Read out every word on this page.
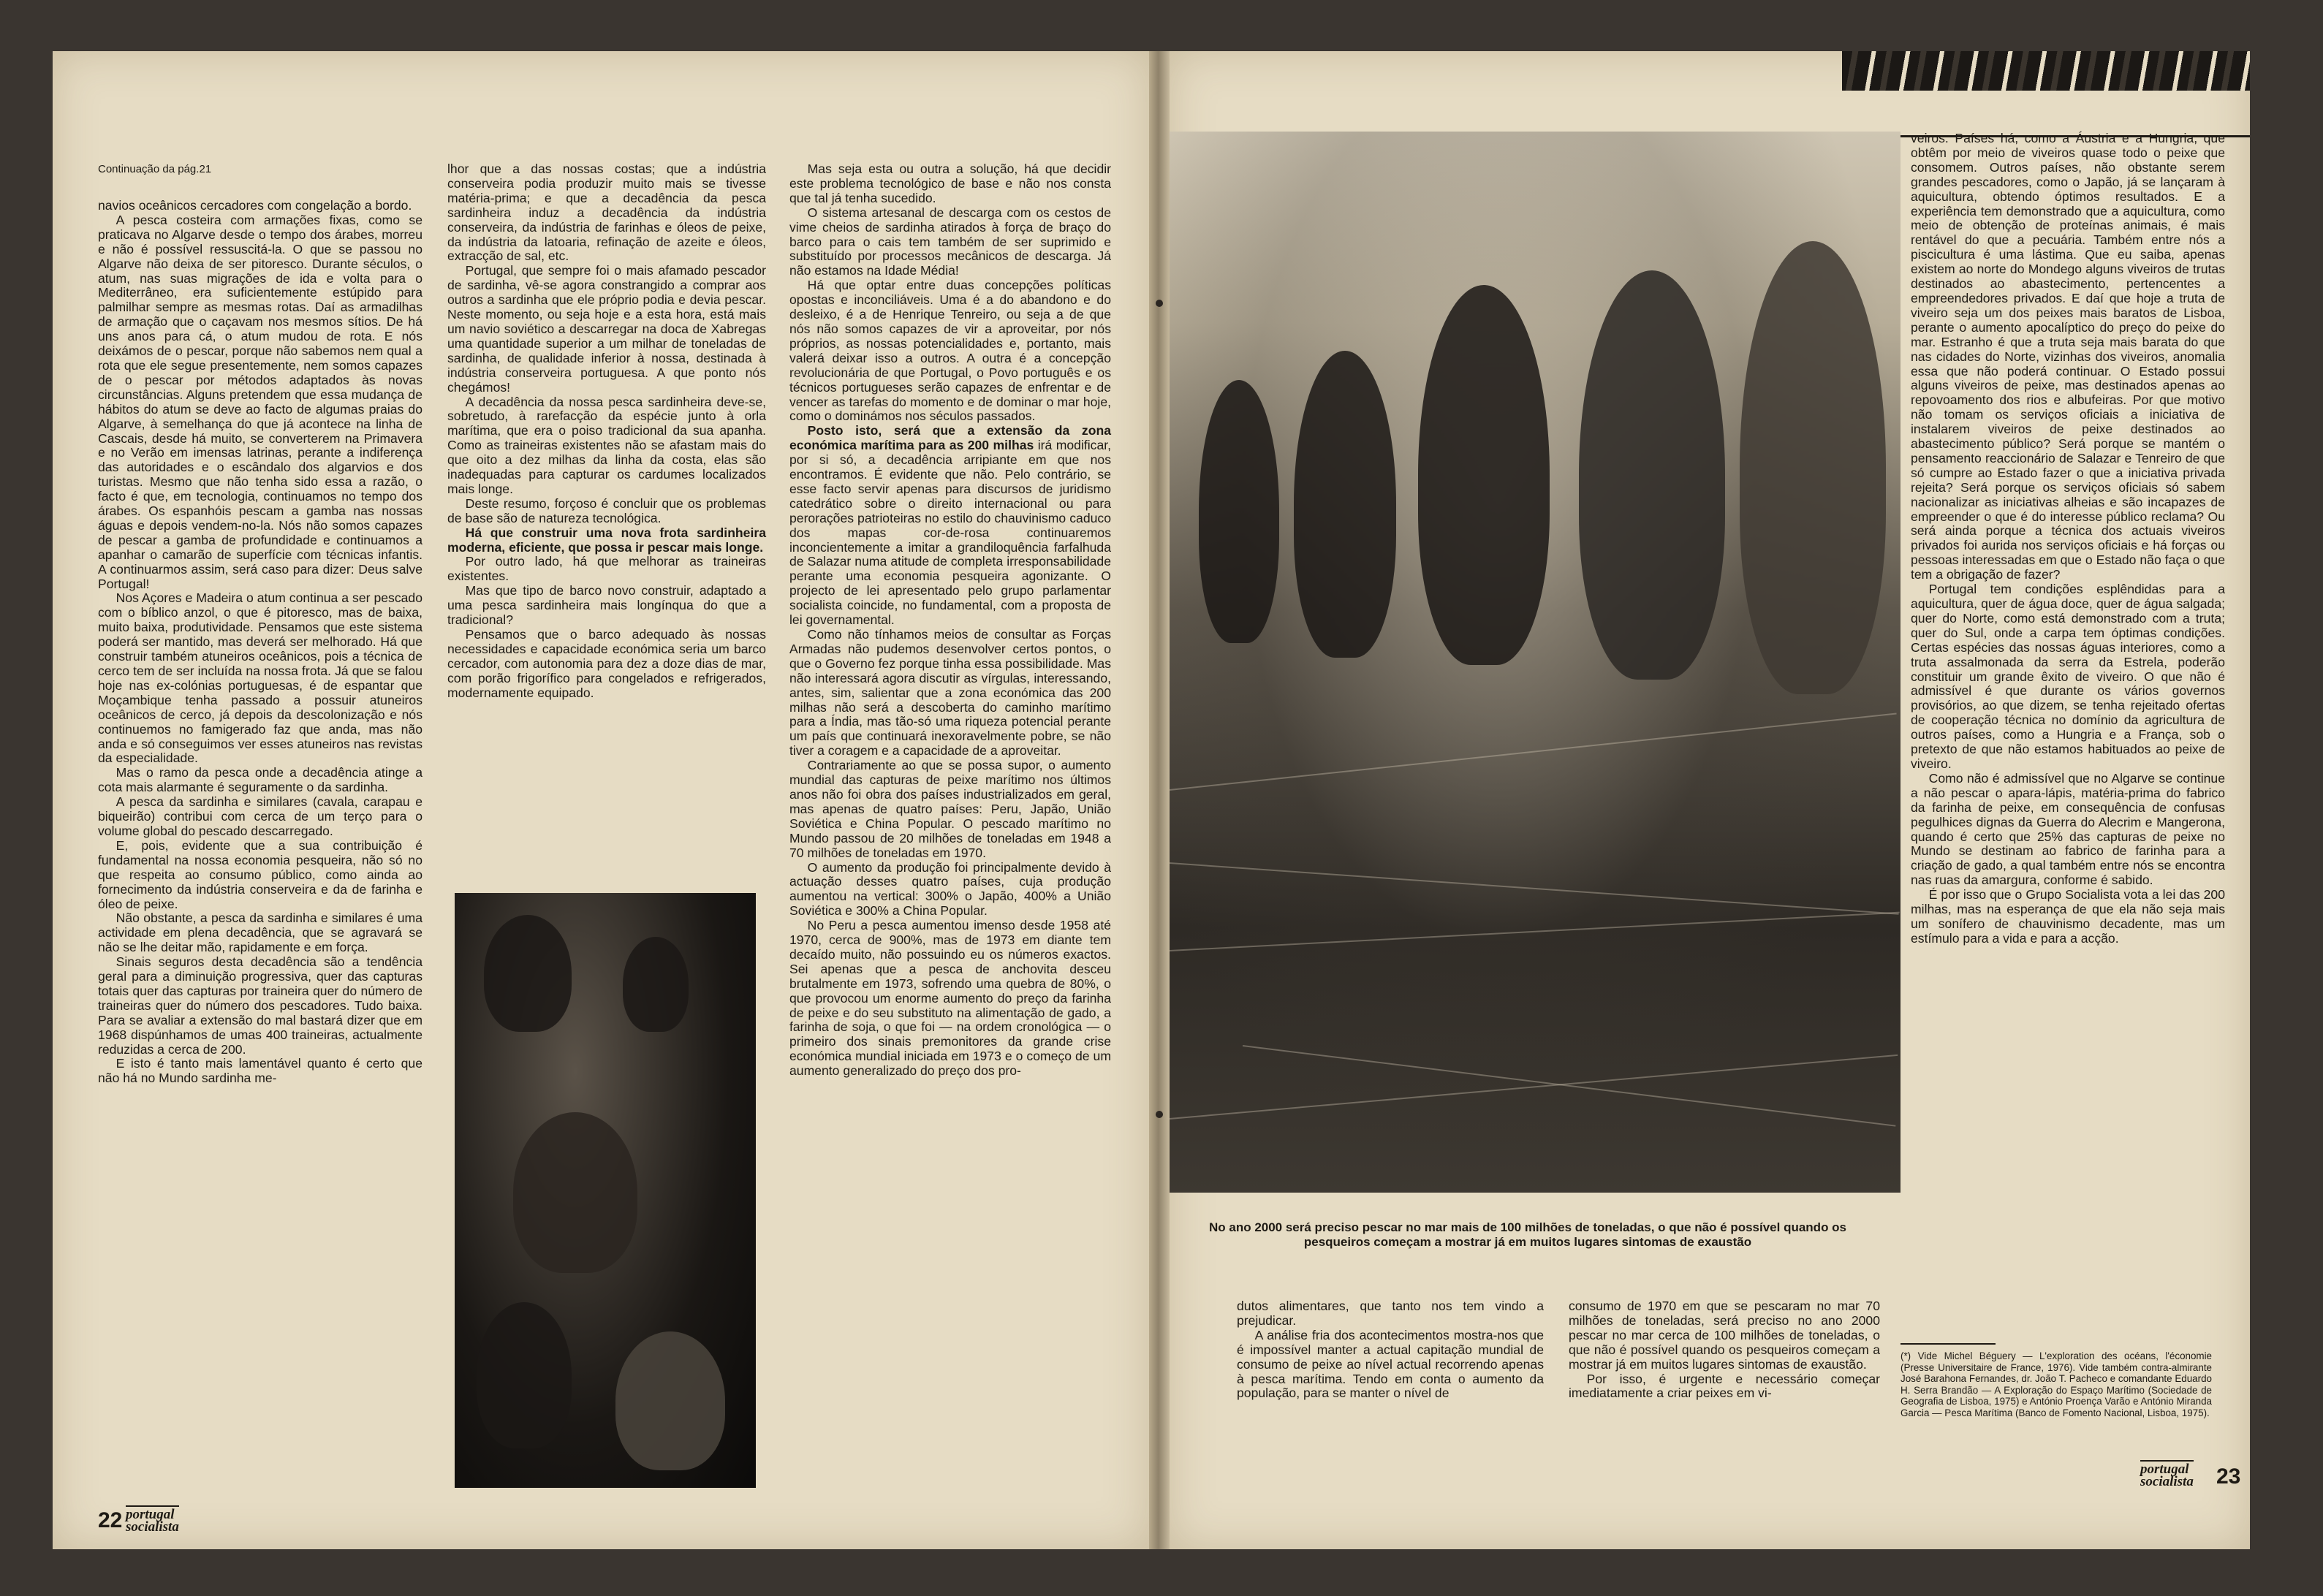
Continuação da pág.21

navios oceânicos cercadores com congelação a bordo.

A pesca costeira com armações fixas, como se praticava no Algarve desde o tempo dos árabes, morreu e não é possível ressuscitá-la. O que se passou no Algarve não deixa de ser pitoresco. Durante séculos, o atum, nas suas migrações de ida e volta para o Mediterrâneo, era suficientemente estúpido para palmilhar sempre as mesmas rotas. Daí as armadilhas de armação que o caçavam nos mesmos sítios. De há uns anos para cá, o atum mudou de rota. E nós deixámos de o pescar, porque não sabemos nem qual a rota que ele segue presentemente, nem somos capazes de o pescar por métodos adaptados às novas circunstâncias. Alguns pretendem que essa mudança de hábitos do atum se deve ao facto de algumas praias do Algarve, à semelhança do que já acontece na linha de Cascais, desde há muito, se converterem na Primavera e no Verão em imensas latrinas, perante a indiferença das autoridades e o escândalo dos algarvios e dos turistas. Mesmo que não tenha sido essa a razão, o facto é que, em tecnologia, continuamos no tempo dos árabes. Os espanhóis pescam a gamba nas nossas águas e depois vendem-no-la. Nós não somos capazes de pescar a gamba de profundidade e continuamos a apanhar o camarão de superfície com técnicas infantis. A continuarmos assim, será caso para dizer: Deus salve Portugal!

Nos Açores e Madeira o atum continua a ser pescado com o bíblico anzol, o que é pitoresco, mas de baixa, muito baixa, produtividade. Pensamos que este sistema poderá ser mantido, mas deverá ser melhorado. Há que construir também atuneiros oceânicos, pois a técnica de cerco tem de ser incluída na nossa frota. Já que se falou hoje nas ex-colónias portuguesas, é de espantar que Moçambique tenha passado a possuir atuneiros oceânicos de cerco, já depois da descolonização e nós continuemos no famigerado faz que anda, mas não anda e só conseguimos ver esses atuneiros nas revistas da especialidade.

Mas o ramo da pesca onde a decadência atinge a cota mais alarmante é seguramente o da sardinha.

A pesca da sardinha e similares (cavala, carapau e biqueirão) contribui com cerca de um terço para o volume global do pescado descarregado.

E, pois, evidente que a sua contribuição é fundamental na nossa economia pesqueira, não só no que respeita ao consumo público, como ainda ao fornecimento da indústria conserveira e da de farinha e óleo de peixe.

Não obstante, a pesca da sardinha e similares é uma actividade em plena decadência, que se agravará se não se lhe deitar mão, rapidamente e em força.

Sinais seguros desta decadência são a tendência geral para a diminuição progressiva, quer das capturas totais quer das capturas por traineira quer do número de traineiras quer do número dos pescadores. Tudo baixa. Para se avaliar a extensão do mal bastará dizer que em 1968 dispúnhamos de umas 400 traineiras, actualmente reduzidas a cerca de 200.

E isto é tanto mais lamentável quanto é certo que não há no Mundo sardinha me-

lhor que a das nossas costas; que a indústria conserveira podia produzir muito mais se tivesse matéria-prima; e que a decadência da pesca sardinheira induz a decadência da indústria conserveira, da indústria de farinhas e óleos de peixe, da indústria da latoaria, refinação de azeite e óleos, extracção de sal, etc.

Portugal, que sempre foi o mais afamado pescador de sardinha, vê-se agora constrangido a comprar aos outros a sardinha que ele próprio podia e devia pescar. Neste momento, ou seja hoje e a esta hora, está mais um navio soviético a descarregar na doca de Xabregas uma quantidade superior a um milhar de toneladas de sardinha, de qualidade inferior à nossa, destinada à indústria conserveira portuguesa. A que ponto nós chegámos!

A decadência da nossa pesca sardinheira deve-se, sobretudo, à rarefacção da espécie junto à orla marítima, que era o poiso tradicional da sua apanha. Como as traineiras existentes não se afastam mais do que oito a dez milhas da linha da costa, elas são inadequadas para capturar os cardumes localizados mais longe.

Deste resumo, forçoso é concluir que os problemas de base são de natureza tecnológica.

Há que construir uma nova frota sardinheira moderna, eficiente, que possa ir pescar mais longe.

Por outro lado, há que melhorar as traineiras existentes.

Mas que tipo de barco novo construir, adaptado a uma pesca sardinheira mais longínqua do que a tradicional?

Pensamos que o barco adequado às nossas necessidades e capacidade económica seria um barco cercador, com autonomia para dez a doze dias de mar, com porão frigorífico para congelados e refrigerados, modernamente equipado.

Mas seja esta ou outra a solução, há que decidir este problema tecnológico de base e não nos consta que tal já tenha sucedido.

O sistema artesanal de descarga com os cestos de vime cheios de sardinha atirados à força de braço do barco para o cais tem também de ser suprimido e substituído por processos mecânicos de descarga. Já não estamos na Idade Média!

Há que optar entre duas concepções políticas opostas e inconciliáveis. Uma é a do abandono e do desleixo, é a de Henrique Tenreiro, ou seja a de que nós não somos capazes de vir a aproveitar, por nós próprios, as nossas potencialidades e, portanto, mais valerá deixar isso a outros. A outra é a concepção revolucionária de que Portugal, o Povo português e os técnicos portugueses serão capazes de enfrentar e de vencer as tarefas do momento e de dominar o mar hoje, como o dominámos nos séculos passados.

Posto isto, será que a extensão da zona económica marítima para as 200 milhas irá modificar, por si só, a decadência arripiante em que nos encontramos. É evidente que não. Pelo contrário, se esse facto servir apenas para discursos de juridismo catedrático sobre o direito internacional ou para perorações patrioteiras no estilo do chauvinismo caduco dos mapas cor-de-rosa continuaremos inconcientemente a imitar a grandiloquência farfalhuda de Salazar numa atitude de completa irresponsabilidade perante uma economia pesqueira agonizante. O projecto de lei apresentado pelo grupo parlamentar socialista coincide, no fundamental, com a proposta de lei governamental.

Como não tínhamos meios de consultar as Forças Armadas não pudemos desenvolver certos pontos, o que o Governo fez porque tinha essa possibilidade. Mas não interessará agora discutir as vírgulas, interessando, antes, sim, salientar que a zona económica das 200 milhas não será a descoberta do caminho marítimo para a Índia, mas tão-só uma riqueza potencial perante um país que continuará inexoravelmente pobre, se não tiver a coragem e a capacidade de a aproveitar.

Contrariamente ao que se possa supor, o aumento mundial das capturas de peixe marítimo nos últimos anos não foi obra dos países industrializados em geral, mas apenas de quatro países: Peru, Japão, União Soviética e China Popular. O pescado marítimo no Mundo passou de 20 milhões de toneladas em 1948 a 70 milhões de toneladas em 1970.

O aumento da produção foi principalmente devido à actuação desses quatro países, cuja produção aumentou na vertical: 300% o Japão, 400% a União Soviética e 300% a China Popular.

No Peru a pesca aumentou imenso desde 1958 até 1970, cerca de 900%, mas de 1973 em diante tem decaído muito, não possuindo eu os números exactos. Sei apenas que a pesca de anchovita desceu brutalmente em 1973, sofrendo uma quebra de 80%, o que provocou um enorme aumento do preço da farinha de peixe e do seu substituto na alimentação de gado, a farinha de soja, o que foi — na ordem cronológica — o primeiro dos sinais premonitores da grande crise económica mundial iniciada em 1973 e o começo de um aumento generalizado do preço dos pro-

22 portugal
socialista
No ano 2000 será preciso pescar no mar mais de 100 milhões de toneladas, o que não é possível quando os pesqueiros começam a mostrar já em muitos lugares sintomas de exaustão

dutos alimentares, que tanto nos tem vindo a prejudicar.

A análise fria dos acontecimentos mostra-nos que é impossível manter a actual capitação mundial de consumo de peixe ao nível actual recorrendo apenas à pesca marítima. Tendo em conta o aumento da população, para se manter o nível de

consumo de 1970 em que se pescaram no mar 70 milhões de toneladas, será preciso no ano 2000 pescar no mar cerca de 100 milhões de toneladas, o que não é possível quando os pesqueiros começam a mostrar já em muitos lugares sintomas de exaustão.

Por isso, é urgente e necessário começar imediatamente a criar peixes em vi-

veiros. Países há, como a Áustria e a Hungria, que obtêm por meio de viveiros quase todo o peixe que consomem. Outros países, não obstante serem grandes pescadores, como o Japão, já se lançaram à aquicultura, obtendo óptimos resultados. E a experiência tem demonstrado que a aquicultura, como meio de obtenção de proteínas animais, é mais rentável do que a pecuária. Também entre nós a piscicultura é uma lástima. Que eu saiba, apenas existem ao norte do Mondego alguns viveiros de trutas destinados ao abastecimento, pertencentes a empreendedores privados. E daí que hoje a truta de viveiro seja um dos peixes mais baratos de Lisboa, perante o aumento apocalíptico do preço do peixe do mar. Estranho é que a truta seja mais barata do que nas cidades do Norte, vizinhas dos viveiros, anomalia essa que não poderá continuar. O Estado possui alguns viveiros de peixe, mas destinados apenas ao repovoamento dos rios e albufeiras. Por que motivo não tomam os serviços oficiais a iniciativa de instalarem viveiros de peixe destinados ao abastecimento público? Será porque se mantém o pensamento reaccionário de Salazar e Tenreiro de que só cumpre ao Estado fazer o que a iniciativa privada rejeita? Será porque os serviços oficiais só sabem nacionalizar as iniciativas alheias e são incapazes de empreender o que é do interesse público reclama? Ou será ainda porque a técnica dos actuais viveiros privados foi aurida nos serviços oficiais e há forças ou pessoas interessadas em que o Estado não faça o que tem a obrigação de fazer?

Portugal tem condições esplêndidas para a aquicultura, quer de água doce, quer de água salgada; quer do Norte, como está demonstrado com a truta; quer do Sul, onde a carpa tem óptimas condições. Certas espécies das nossas águas interiores, como a truta assalmonada da serra da Estrela, poderão constituir um grande êxito de viveiro. O que não é admissível é que durante os vários governos provisórios, ao que dizem, se tenha rejeitado ofertas de cooperação técnica no domínio da agricultura de outros países, como a Hungria e a França, sob o pretexto de que não estamos habituados ao peixe de viveiro.

Como não é admissível que no Algarve se continue a não pescar o apara-lápis, matéria-prima do fabrico da farinha de peixe, em consequência de confusas pegulhices dignas da Guerra do Alecrim e Mangerona, quando é certo que 25% das capturas de peixe no Mundo se destinam ao fabrico de farinha para a criação de gado, a qual também entre nós se encontra nas ruas da amargura, conforme é sabido.

É por isso que o Grupo Socialista vota a lei das 200 milhas, mas na esperança de que ela não seja mais um sonífero de chauvinismo decadente, mas um estímulo para a vida e para a acção.

(*) Vide Michel Béguery — L'exploration des océans, l'économie (Presse Universitaire de France, 1976). Vide também contra-almirante José Barahona Fernandes, dr. João T. Pacheco e comandante Eduardo H. Serra Brandão — A Exploração do Espaço Marítimo (Sociedade de Geografia de Lisboa, 1975) e António Proença Varão e António Miranda Garcia — Pesca Marítima (Banco de Fomento Nacional, Lisboa, 1975).
portugal
socialista 23
